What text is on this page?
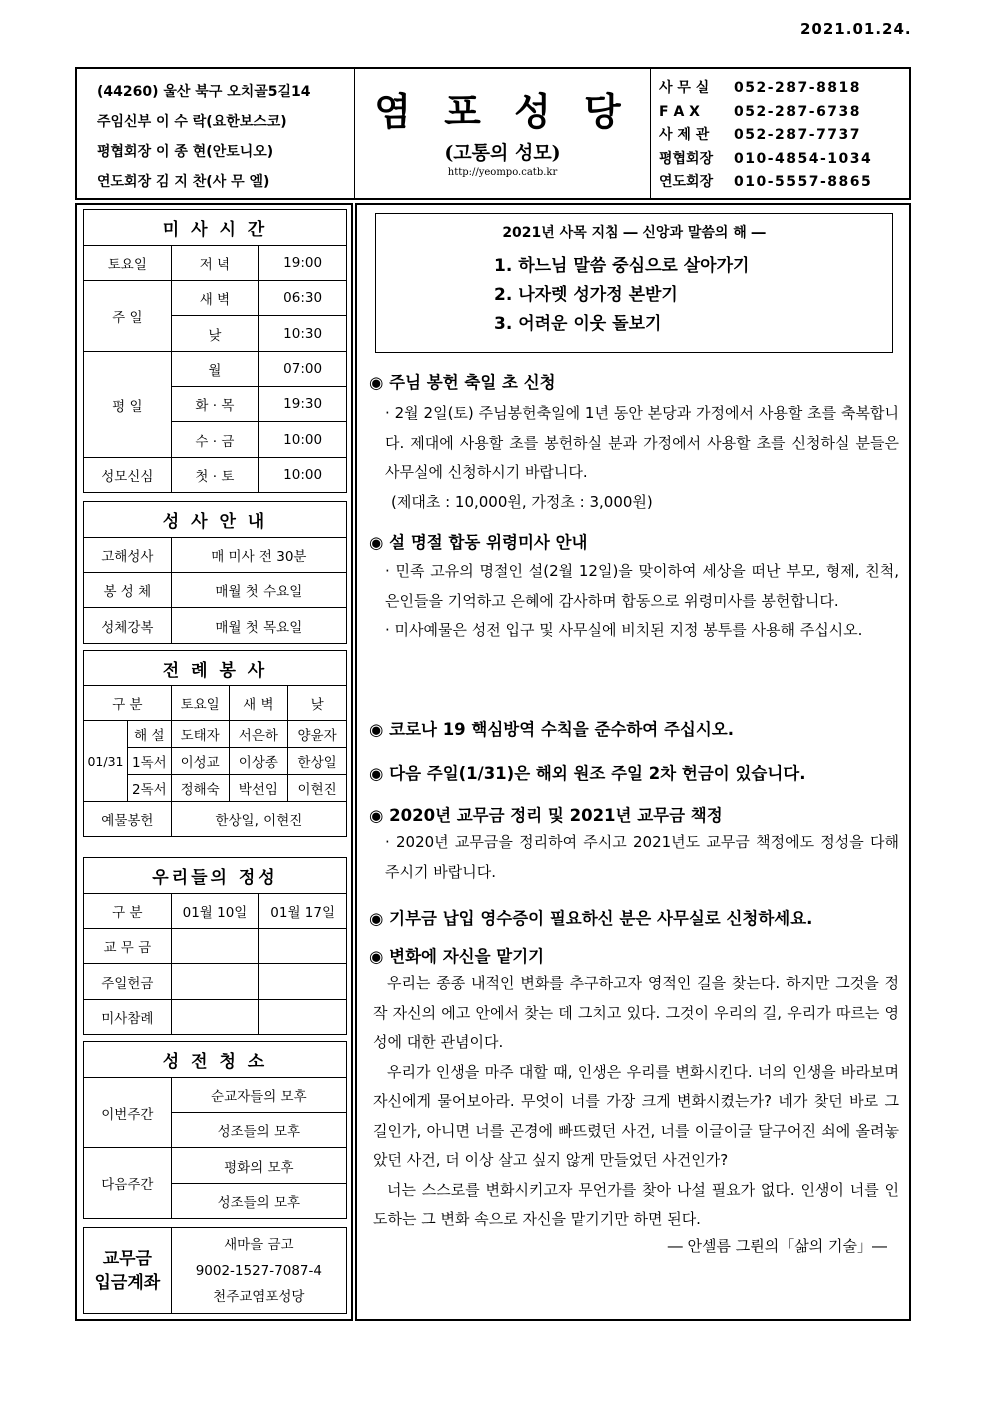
2021.01.24.
(44260) 울산 북구 오치골5길14
주임신부 이 수 락(요한보스코)
평협회장 이 종 현(안토니오)
연도회장 김 지 찬(사 무 엘)
염 포 성 당
(고통의 성모)
http://yeompo.catb.kr
사 무 실 052-287-8818
F A X 052-287-6738
사 제 관 052-287-7737
평협회장 010-4854-1034
연도회장 010-5557-8865
미 사 시 간		
토요일	저 녁	19:00
주 일	새 벽	06:30
	낮	10:30
평 일	월	07:00
	화 · 목	19:30
	수 · 금	10:00
성모신심	첫 · 토	10:00
성 사 안 내	
고해성사	매 미사 전 30분
봉 성 체	매월 첫 수요일
성체강복	매월 첫 목요일
전 례 봉 사				
구 분		토요일	새 벽	낮
01/31	해 설	도태자	서은하	양윤자
	1독서	이성교	이상종	한상일
	2독서	정해숙	박선임	이현진
예물봉헌		한상일, 이현진		
우리들의 정성		
구 분	01월 10일	01월 17일
교 무 금		
주일헌금		
미사참례		
성 전 청 소	
이번주간	순교자들의 모후
	성조들의 모후
다음주간	평화의 모후
	성조들의 모후
교무금
입금계좌

새마을 금고
9002-1527-7087-4
천주교염포성당
2021년 사목 지침 ― 신앙과 말씀의 해 ―
1. 하느님 말씀 중심으로 살아가기
2. 나자렛 성가정 본받기
3. 어려운 이웃 돌보기
◉ 주님 봉헌 축일 초 신청
· 2월 2일(토) 주님봉헌축일에 1년 동안 본당과 가정에서 사용할 초를 축복합니다. 제대에 사용할 초를 봉헌하실 분과 가정에서 사용할 초를 신청하실 분들은 사무실에 신청하시기 바랍니다.
(제대초 : 10,000원, 가정초 : 3,000원)
◉ 설 명절 합동 위령미사 안내
· 민족 고유의 명절인 설(2월 12일)을 맞이하여 세상을 떠난 부모, 형제, 친척, 은인들을 기억하고 은혜에 감사하며 합동으로 위령미사를 봉헌합니다.
· 미사예물은 성전 입구 및 사무실에 비치된 지정 봉투를 사용해 주십시오.
◉ 코로나 19 핵심방역 수칙을 준수하여 주십시오.
◉ 다음 주일(1/31)은 해외 원조 주일 2차 헌금이 있습니다.
◉ 2020년 교무금 정리 및 2021년 교무금 책정
· 2020년 교무금을 정리하여 주시고 2021년도 교무금 책정에도 정성을 다해 주시기 바랍니다.
◉ 기부금 납입 영수증이 필요하신 분은 사무실로 신청하세요.
◉ 변화에 자신을 맡기기

우리는 종종 내적인 변화를 추구하고자 영적인 길을 찾는다. 하지만 그것을 정작 자신의 에고 안에서 찾는 데 그치고 있다. 그것이 우리의 길, 우리가 따르는 영성에 대한 관념이다.

우리가 인생을 마주 대할 때, 인생은 우리를 변화시킨다. 너의 인생을 바라보며 자신에게 물어보아라. 무엇이 너를 가장 크게 변화시켰는가? 네가 찾던 바로 그 길인가, 아니면 너를 곤경에 빠뜨렸던 사건, 너를 이글이글 달구어진 쇠에 올려놓았던 사건, 더 이상 살고 싶지 않게 만들었던 사건인가?

너는 스스로를 변화시키고자 무언가를 찾아 나설 필요가 없다. 인생이 너를 인도하는 그 변화 속으로 자신을 맡기기만 하면 된다.

― 안셀름 그륀의「삶의 기술」―
